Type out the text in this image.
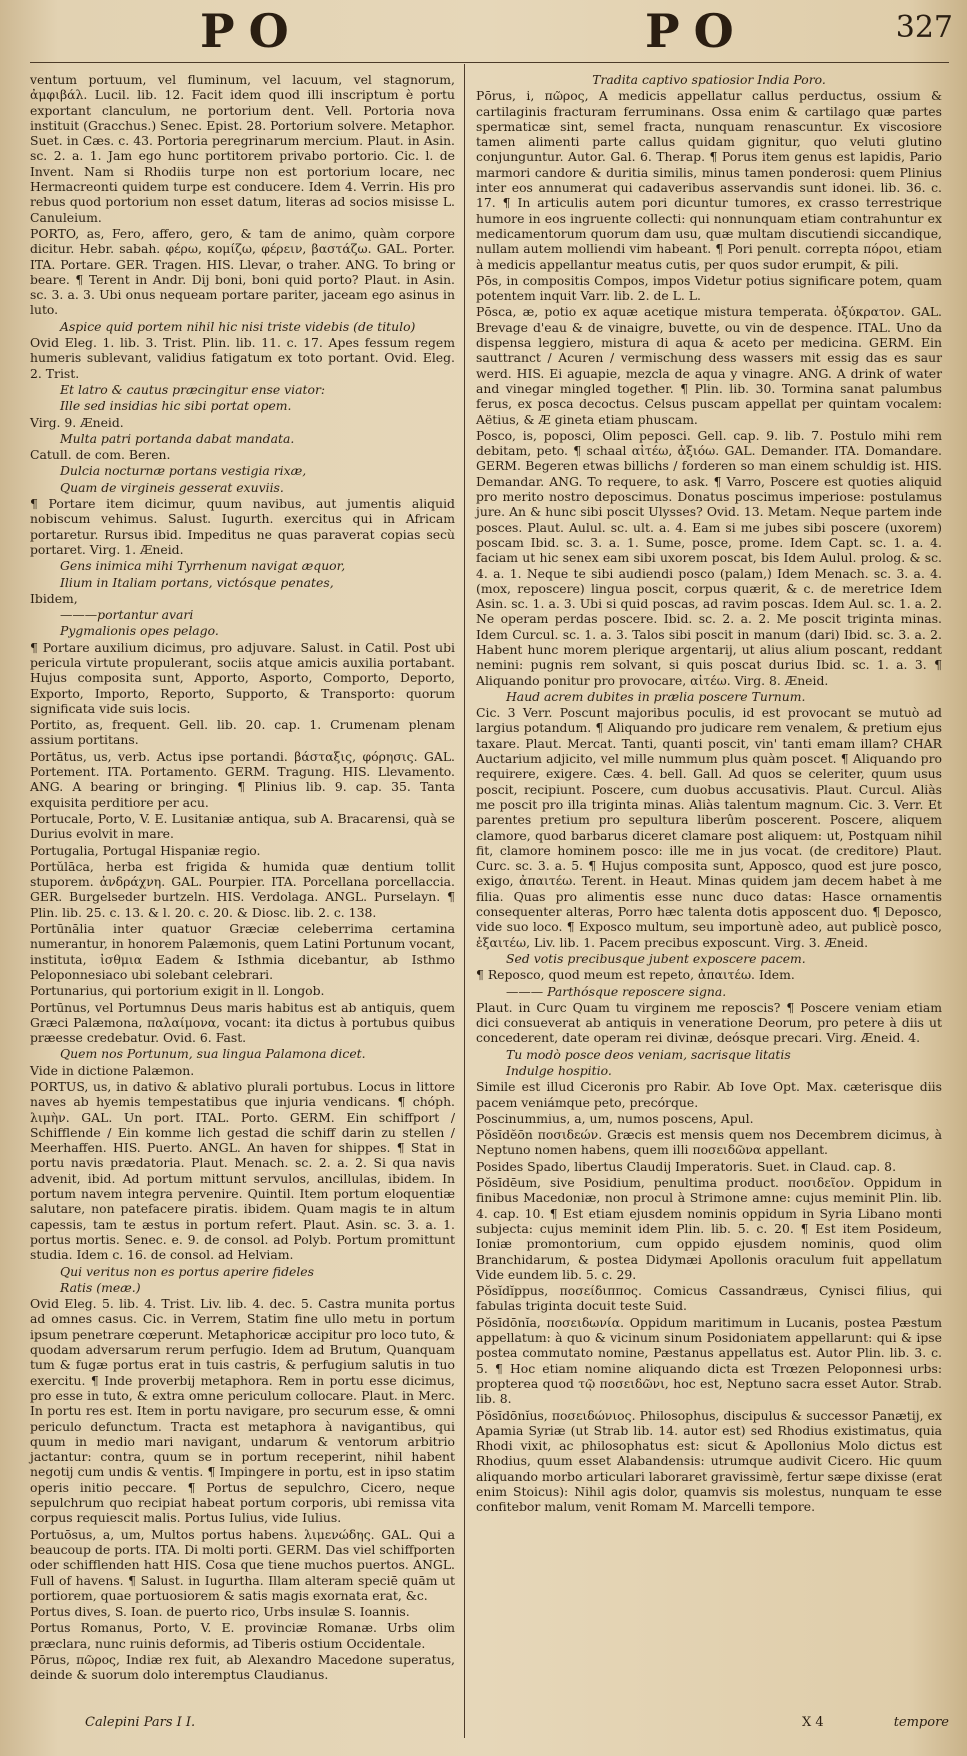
PO	PO	327

ventum portuum, vel fluminum, vel lacuum, vel stagnorum, ἀμφιβάλ. Lucil. lib. 12. Facit idem quod illi inscriptum è portu exportant clanculum, ne portorium dent. Vell. Portoria nova instituit (Gracchus.) Senec. Epist. 28. Portorium solvere. Metaphor. Suet. in Cæs. c. 43. Portoria peregrinarum mercium. Plaut. in Asin. sc. 2. a. 1. Jam ego hunc portitorem privabo portorio. Cic. l. de Invent. Nam si Rhodiis turpe non est portorium locare, nec Hermacreonti quidem turpe est conducere. Idem 4. Verrin. His pro rebus quod portorium non esset datum, literas ad socios misisse L. Canuleium.

PORTO, as, Fero, affero, gero, & tam de animo, quàm corpore dicitur. Hebr. sabah. φέρω, κομίζω, φέρειν, βαστάζω. GAL. Porter. ITA. Portare. GER. Tragen. HIS. Llevar, o traher. ANG. To bring or beare. ¶ Terent in Andr. Dij boni, boni quid porto? Plaut. in Asin. sc. 3. a. 3. Ubi onus nequeam portare pariter, jaceam ego asinus in luto.

Aspice quid portem nihil hic nisi triste videbis (de titulo)

Ovid Eleg. 1. lib. 3. Trist. Plin. lib. 11. c. 17. Apes fessum regem humeris sublevant, validius fatigatum ex toto portant. Ovid. Eleg. 2. Trist.

Et latro & cautus præcingitur ense viator:

Ille sed insidias hic sibi portat opem.

Virg. 9. Æneid.

Multa patri portanda dabat mandata.

Catull. de com. Beren.

Dulcia nocturnæ portans vestigia rixæ,

Quam de virgineis gesserat exuviis.

¶ Portare item dicimur, quum navibus, aut jumentis aliquid nobiscum vehimus. Salust. Iugurth. exercitus qui in Africam portaretur. Rursus ibid. Impeditus ne quas paraverat copias secù portaret. Virg. 1. Æneid.

Gens inimica mihi Tyrrhenum navigat æquor,

Ilium in Italiam portans, victósque penates,

Ibidem,

———portantur avari

Pygmalionis opes pelago.

¶ Portare auxilium dicimus, pro adjuvare. Salust. in Catil. Post ubi pericula virtute propulerant, sociis atque amicis auxilia portabant. Hujus composita sunt, Apporto, Asporto, Comporto, Deporto, Exporto, Importo, Reporto, Supporto, & Transporto: quorum significata vide suis locis.

Portito, as, frequent. Gell. lib. 20. cap. 1. Crumenam plenam assium portitans.

Portātus, us, verb. Actus ipse portandi. βάσταξις, φόρησις. GAL. Portement. ITA. Portamento. GERM. Tragung. HIS. Llevamento. ANG. A bearing or bringing. ¶ Plinius lib. 9. cap. 35. Tanta exquisita perditiore per acu.

Portucale, Porto, V. E. Lusitaniæ antiqua, sub A. Bracarensi, quà se Durius evolvit in mare.

Portugalia, Portugal Hispaniæ regio.

Portŭlāca, herba est frigida & humida quæ dentium tollit stuporem. ἀνδράχνη. GAL. Pourpier. ITA. Porcellana porcellaccia. GER. Burgelseder burtzeln. HIS. Verdolaga. ANGL. Purselayn. ¶ Plin. lib. 25. c. 13. & l. 20. c. 20. & Diosc. lib. 2. c. 138.

Portūnālia inter quatuor Græciæ celeberrima certamina numerantur, in honorem Palæmonis, quem Latini Portunum vocant, instituta, ἰσθμια Eadem & Isthmia dicebantur, ab Isthmo Peloponnesiaco ubi solebant celebrari.

Portunarius, qui portorium exigit in ll. Longob.

Portūnus, vel Portumnus Deus maris habitus est ab antiquis, quem Græci Palæmona, παλαίμονα, vocant: ita dictus à portubus quibus præesse credebatur. Ovid. 6. Fast.

Quem nos Portunum, sua lingua Palamona dicet.

Vide in dictione Palæmon.

PORTUS, us, in dativo & ablativo plurali portubus. Locus in littore naves ab hyemis tempestatibus que injuria vendicans. ¶ chóph. λιμὴν. GAL. Un port. ITAL. Porto. GERM. Ein schiffport / Schifflende / Ein komme lich gestad die schiff darin zu stellen / Meerhaffen. HIS. Puerto. ANGL. An haven for shippes. ¶ Stat in portu navis prædatoria. Plaut. Menach. sc. 2. a. 2. Si qua navis advenit, ibid. Ad portum mittunt servulos, ancillulas, ibidem. In portum navem integra pervenire. Quintil. Item portum eloquentiæ salutare, non patefacere piratis. ibidem. Quam magis te in altum capessis, tam te æstus in portum refert. Plaut. Asin. sc. 3. a. 1. portus mortis. Senec. e. 9. de consol. ad Polyb. Portum promittunt studia. Idem c. 16. de consol. ad Helviam.

Qui veritus non es portus aperire fideles

Ratis (meæ.)

Ovid Eleg. 5. lib. 4. Trist. Liv. lib. 4. dec. 5. Castra munita portus ad omnes casus. Cic. in Verrem, Statim fine ullo metu in portum ipsum penetrare cœperunt. Metaphoricæ accipitur pro loco tuto, & quodam adversarum rerum perfugio. Idem ad Brutum, Quanquam tum & fugæ portus erat in tuis castris, & perfugium salutis in tuo exercitu. ¶ Inde proverbij metaphora. Rem in portu esse dicimus, pro esse in tuto, & extra omne periculum collocare. Plaut. in Merc. In portu res est. Item in portu navigare, pro securum esse, & omni periculo defunctum. Tracta est metaphora à navigantibus, qui quum in medio mari navigant, undarum & ventorum arbitrio jactantur: contra, quum se in portum receperint, nihil habent negotij cum undis & ventis. ¶ Impingere in portu, est in ipso statim operis initio peccare. ¶ Portus de sepulchro, Cicero, neque sepulchrum quo recipiat habeat portum corporis, ubi remissa vita corpus requiescit malis. Portus Iulius, vide Iulius.

Portuōsus, a, um, Multos portus habens. λιμενώδης. GAL. Qui a beaucoup de ports. ITA. Di molti porti. GERM. Das viel schiffporten oder schifflenden hatt HIS. Cosa que tiene muchos puertos. ANGL. Full of havens. ¶ Salust. in Iugurtha. Illam alteram speciē quām ut portiorem, quae portuosiorem & satis magis exornata erat, &c.

Portus dives, S. Ioan. de puerto rico, Urbs insulæ S. Ioannis.

Portus Romanus, Porto, V. E. provinciæ Romanæ. Urbs olim præclara, nunc ruinis deformis, ad Tiberis ostium Occidentale.

Pōrus, πῶρος, Indiæ rex fuit, ab Alexandro Macedone superatus, deinde & suorum dolo interemptus Claudianus.

Tradita captivo spatiosior India Poro.

Pōrus, i, πῶρος, A medicis appellatur callus perductus, ossium & cartilaginis fracturam ferruminans. Ossa enim & cartilago quæ partes spermaticæ sint, semel fracta, nunquam renascuntur. Ex viscosiore tamen alimenti parte callus quidam gignitur, quo veluti glutino conjunguntur. Autor. Gal. 6. Therap. ¶ Porus item genus est lapidis, Pario marmori candore & duritia similis, minus tamen ponderosi: quem Plinius inter eos annumerat qui cadaveribus asservandis sunt idonei. lib. 36. c. 17. ¶ In articulis autem pori dicuntur tumores, ex crasso terrestrique humore in eos ingruente collecti: qui nonnunquam etiam contrahuntur ex medicamentorum quorum dam usu, quæ multam discutiendi siccandique, nullam autem molliendi vim habeant. ¶ Pori penult. correpta πόροι, etiam à medicis appellantur meatus cutis, per quos sudor erumpit, & pili.

Pōs, in compositis Compos, impos Videtur potius significare potem, quam potentem inquit Varr. lib. 2. de L. L.

Pōsca, æ, potio ex aquæ acetique mistura temperata. ὀξύκρατον. GAL. Brevage d'eau & de vinaigre, buvette, ou vin de despence. ITAL. Uno da dispensa leggiero, mistura di aqua & aceto per medicina. GERM. Ein sauttranct / Acuren / vermischung dess wassers mit essig das es saur werd. HIS. Ei aguapie, mezcla de aqua y vinagre. ANG. A drink of water and vinegar mingled together. ¶ Plin. lib. 30. Tormina sanat palumbus ferus, ex posca decoctus. Celsus puscam appellat per quintam vocalem: Aëtius, & Æ gineta etiam phuscam.

Posco, is, poposci, Olim peposci. Gell. cap. 9. lib. 7. Postulo mihi rem debitam, peto. ¶ schaal αἰτέω, ἀξιόω. GAL. Demander. ITA. Domandare. GERM. Begeren etwas billichs / forderen so man einem schuldig ist. HIS. Demandar. ANG. To requere, to ask. ¶ Varro, Poscere est quoties aliquid pro merito nostro deposcimus. Donatus poscimus imperiose: postulamus jure. An & hunc sibi poscit Ulysses? Ovid. 13. Metam. Neque partem inde posces. Plaut. Aulul. sc. ult. a. 4. Eam si me jubes sibi poscere (uxorem) poscam Ibid. sc. 3. a. 1. Sume, posce, prome. Idem Capt. sc. 1. a. 4. faciam ut hic senex eam sibi uxorem poscat, bis Idem Aulul. prolog. & sc. 4. a. 1. Neque te sibi audiendi posco (palam,) Idem Menach. sc. 3. a. 4. (mox, reposcere) lingua poscit, corpus quærit, & c. de meretrice Idem Asin. sc. 1. a. 3. Ubi si quid poscas, ad ravim poscas. Idem Aul. sc. 1. a. 2. Ne operam perdas poscere. Ibid. sc. 2. a. 2. Me poscit triginta minas. Idem Curcul. sc. 1. a. 3. Talos sibi poscit in manum (dari) Ibid. sc. 3. a. 2. Habent hunc morem plerique argentarij, ut alius alium poscant, reddant nemini: pugnis rem solvant, si quis poscat durius Ibid. sc. 1. a. 3. ¶ Aliquando ponitur pro provocare, αἰτέω. Virg. 8. Æneid.

Haud acrem dubites in prælia poscere Turnum.

Cic. 3 Verr. Poscunt majoribus poculis, id est provocant se mutuò ad largius potandum. ¶ Aliquando pro judicare rem venalem, & pretium ejus taxare. Plaut. Mercat. Tanti, quanti poscit, vin' tanti emam illam? CHAR Auctarium adjicito, vel mille nummum plus quàm poscet. ¶ Aliquando pro requirere, exigere. Cæs. 4. bell. Gall. Ad quos se celeriter, quum usus poscit, recipiunt. Poscere, cum duobus accusativis. Plaut. Curcul. Aliàs me poscit pro illa triginta minas. Aliàs talentum magnum. Cic. 3. Verr. Et parentes pretium pro sepultura liberûm poscerent. Poscere, aliquem clamore, quod barbarus diceret clamare post aliquem: ut, Postquam nihil fit, clamore hominem posco: ille me in jus vocat. (de creditore) Plaut. Curc. sc. 3. a. 5. ¶ Hujus composita sunt, Apposco, quod est jure posco, exigo, ἀπαιτέω. Terent. in Heaut. Minas quidem jam decem habet à me filia. Quas pro alimentis esse nunc duco datas: Hasce ornamentis consequenter alteras, Porro hæc talenta dotis apposcent duo. ¶ Deposco, vide suo loco. ¶ Exposco multum, seu importunè adeo, aut publicè posco, ἐξαιτέω, Liv. lib. 1. Pacem precibus exposcunt. Virg. 3. Æneid.

Sed votis precibusque jubent exposcere pacem.

¶ Reposco, quod meum est repeto, ἀπαιτέω. Idem.

——— Parthósque reposcere signa.

Plaut. in Curc Quam tu virginem me reposcis? ¶ Poscere veniam etiam dici consueverat ab antiquis in veneratione Deorum, pro petere à diis ut concederent, date operam rei divinæ, deósque precari. Virg. Æneid. 4.

Tu modò posce deos veniam, sacrisque litatis

Indulge hospitio.

Simile est illud Ciceronis pro Rabir. Ab Iove Opt. Max. cæterisque diis pacem veniámque peto, precórque.

Poscinummius, a, um, numos poscens, Apul.

Pŏsīdĕōn ποσιδεών. Græcis est mensis quem nos Decembrem dicimus, à Neptuno nomen habens, quem illi ποσειδῶνα appellant.

Posides Spado, libertus Claudij Imperatoris. Suet. in Claud. cap. 8.

Pŏsīdēum, sive Posidium, penultima product. ποσιδεῖον. Oppidum in finibus Macedoniæ, non procul à Strimone amne: cujus meminit Plin. lib. 4. cap. 10. ¶ Est etiam ejusdem nominis oppidum in Syria Libano monti subjecta: cujus meminit idem Plin. lib. 5. c. 20. ¶ Est item Posideum, Ioniæ promontorium, cum oppido ejusdem nominis, quod olim Branchidarum, & postea Didymæi Apollonis oraculum fuit appellatum Vide eundem lib. 5. c. 29.

Pŏsĭdĭppus, ποσείδιππος. Comicus Cassandræus, Cynisci filius, qui fabulas triginta docuit teste Suid.

Pŏsīdōnĭa, ποσειδωνία. Oppidum maritimum in Lucanis, postea Pæstum appellatum: à quo & vicinum sinum Posidoniatem appellarunt: qui & ipse postea commutato nomine, Pæstanus appellatus est. Autor Plin. lib. 3. c. 5. ¶ Hoc etiam nomine aliquando dicta est Trœzen Peloponnesi urbs: propterea quod τῷ ποσειδῶνι, hoc est, Neptuno sacra esset Autor. Strab. lib. 8.

Pŏsīdōnĭus, ποσειδώνιος. Philosophus, discipulus & successor Panætij, ex Apamia Syriæ (ut Strab lib. 14. autor est) sed Rhodius existimatus, quia Rhodi vixit, ac philosophatus est: sicut & Apollonius Molo dictus est Rhodius, quum esset Alabandensis: utrumque audivit Cicero. Hic quum aliquando morbo articulari laboraret gravissimè, fertur sæpe dixisse (erat enim Stoicus): Nihil agis dolor, quamvis sis molestus, nunquam te esse confitebor malum, venit Romam M. Marcelli tempore.

Calepini Pars I I.	X 4	tempore
